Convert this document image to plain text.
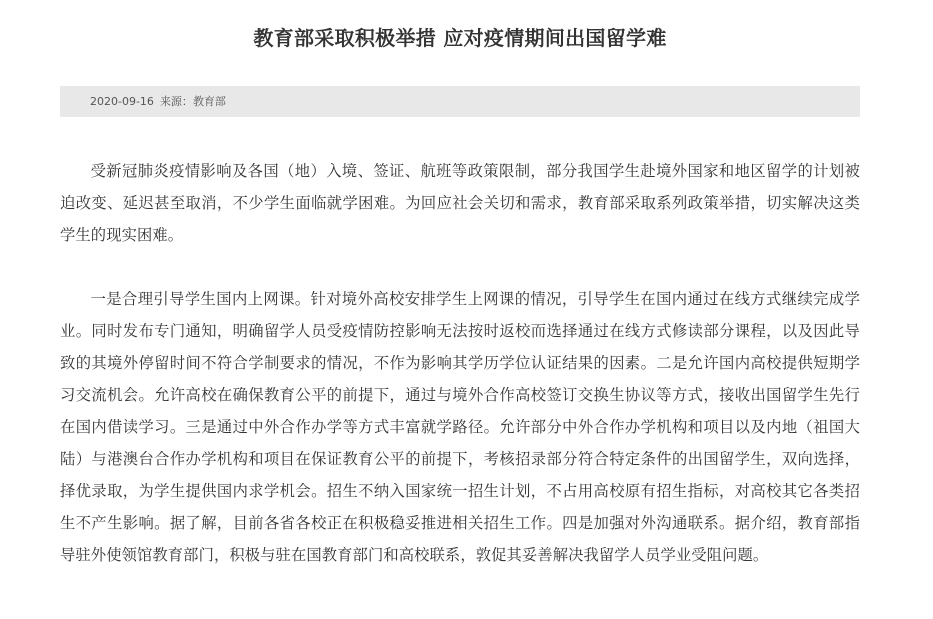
教育部采取积极举措 应对疫情期间出国留学难
2020-09-16 来源：教育部

受新冠肺炎疫情影响及各国（地）入境、签证、航班等政策限制，部分我国学生赴境外国家和地区留学的计划被迫改变、延迟甚至取消，不少学生面临就学困难。为回应社会关切和需求，教育部采取系列政策举措，切实解决这类学生的现实困难。

一是合理引导学生国内上网课。针对境外高校安排学生上网课的情况，引导学生在国内通过在线方式继续完成学业。同时发布专门通知，明确留学人员受疫情防控影响无法按时返校而选择通过在线方式修读部分课程，以及因此导致的其境外停留时间不符合学制要求的情况，不作为影响其学历学位认证结果的因素。二是允许国内高校提供短期学习交流机会。允许高校在确保教育公平的前提下，通过与境外合作高校签订交换生协议等方式，接收出国留学生先行在国内借读学习。三是通过中外合作办学等方式丰富就学路径。允许部分中外合作办学机构和项目以及内地（祖国大陆）与港澳台合作办学机构和项目在保证教育公平的前提下，考核招录部分符合特定条件的出国留学生，双向选择，择优录取，为学生提供国内求学机会。招生不纳入国家统一招生计划，不占用高校原有招生指标，对高校其它各类招生不产生影响。据了解，目前各省各校正在积极稳妥推进相关招生工作。四是加强对外沟通联系。据介绍，教育部指导驻外使领馆教育部门，积极与驻在国教育部门和高校联系，敦促其妥善解决我留学人员学业受阻问题。
